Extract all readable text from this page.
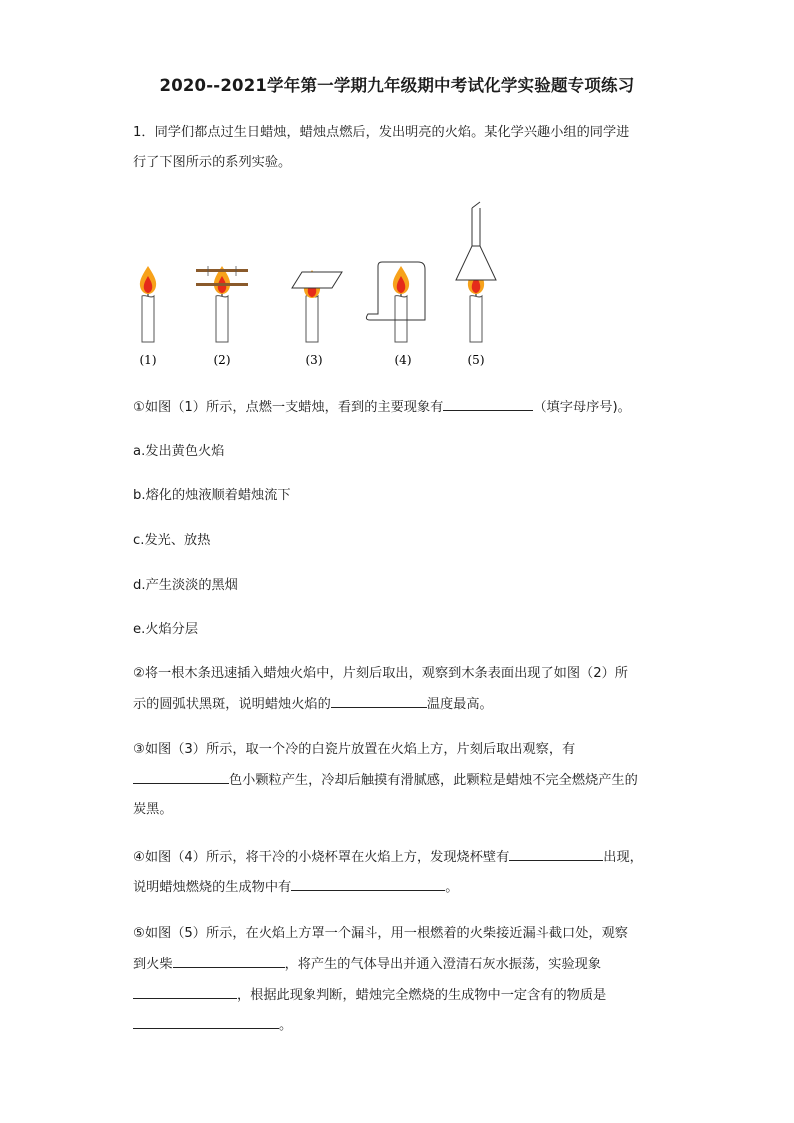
2020--2021学年第一学期九年级期中考试化学实验题专项练习
1．同学们都点过生日蜡烛，蜡烛点燃后，发出明亮的火焰。某化学兴趣小组的同学进
行了下图所示的系列实验。
(1)	(2)	(3)	(4)	(5)
①如图（1）所示，点燃一支蜡烛，看到的主要现象有	（填字母序号)。
a.发出黄色火焰
b.熔化的烛液顺着蜡烛流下
c.发光、放热
d.产生淡淡的黑烟
e.火焰分层
②将一根木条迅速插入蜡烛火焰中，片刻后取出，观察到木条表面出现了如图（2）所
示的圆弧状黑斑，说明蜡烛火焰的	温度最高。
③如图（3）所示，取一个冷的白瓷片放置在火焰上方，片刻后取出观察，有
色小颗粒产生，冷却后触摸有滑腻感，此颗粒是蜡烛不完全燃烧产生的
炭黑。
④如图（4）所示，将干冷的小烧杯罩在火焰上方，发现烧杯壁有	出现，
说明蜡烛燃烧的生成物中有	。
⑤如图（5）所示，在火焰上方罩一个漏斗，用一根燃着的火柴接近漏斗截口处，观察
到火柴	，将产生的气体导出并通入澄清石灰水振荡，实验现象
，根据此现象判断，蜡烛完全燃烧的生成物中一定含有的物质是
。
